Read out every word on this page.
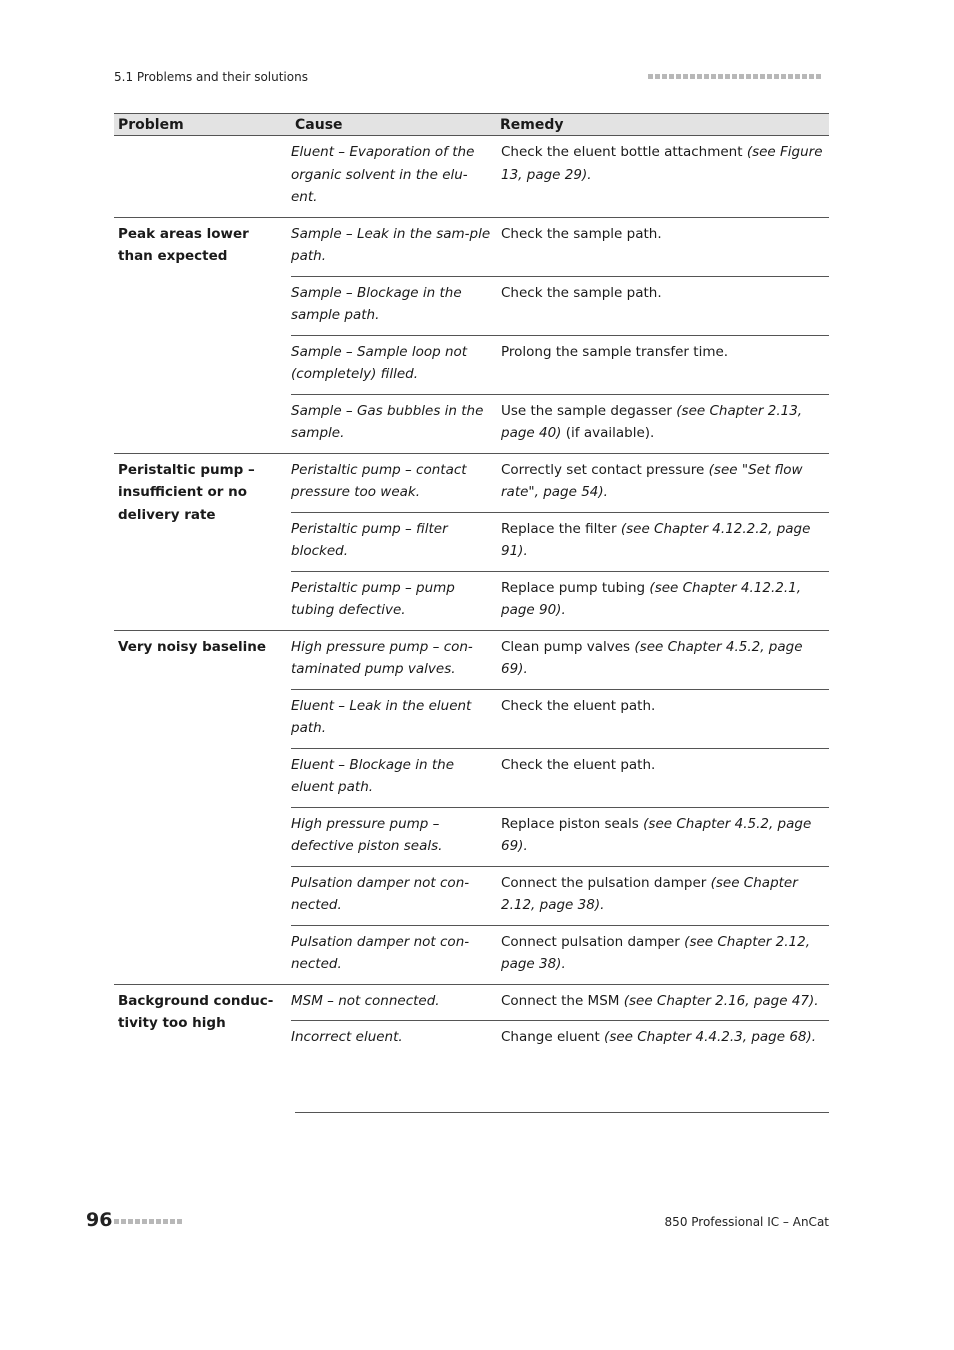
5.1 Problems and their solutions
Problem	Cause	Remedy
	Eluent – Evaporation of the organic solvent in the elu-ent.	Check the eluent bottle attachment (see Figure 13, page 29).
Peak areas lower than expected	Sample – Leak in the sam-ple path.	Check the sample path.
	Sample – Blockage in the sample path.	Check the sample path.
	Sample – Sample loop not (completely) filled.	Prolong the sample transfer time.
	Sample – Gas bubbles in the sample.	Use the sample degasser (see Chapter 2.13, page 40) (if available).
Peristaltic pump – insufficient or no delivery rate	Peristaltic pump – contact pressure too weak.	Correctly set contact pressure (see "Set flow rate", page 54).
	Peristaltic pump – filter blocked.	Replace the filter (see Chapter 4.12.2.2, page 91).
	Peristaltic pump – pump tubing defective.	Replace pump tubing (see Chapter 4.12.2.1, page 90).
Very noisy baseline	High pressure pump – con-taminated pump valves.	Clean pump valves (see Chapter 4.5.2, page 69).
	Eluent – Leak in the eluent path.	Check the eluent path.
	Eluent – Blockage in the eluent path.	Check the eluent path.
	High pressure pump – defective piston seals.	Replace piston seals (see Chapter 4.5.2, page 69).
	Pulsation damper not con-nected.	Connect the pulsation damper (see Chapter 2.12, page 38).
	Pulsation damper not con-nected.	Connect pulsation damper (see Chapter 2.12, page 38).
Background conduc-tivity too high	MSM – not connected.	Connect the MSM (see Chapter 2.16, page 47).
	Incorrect eluent.	Change eluent (see Chapter 4.4.2.3, page 68).
96	850 Professional IC – AnCat
